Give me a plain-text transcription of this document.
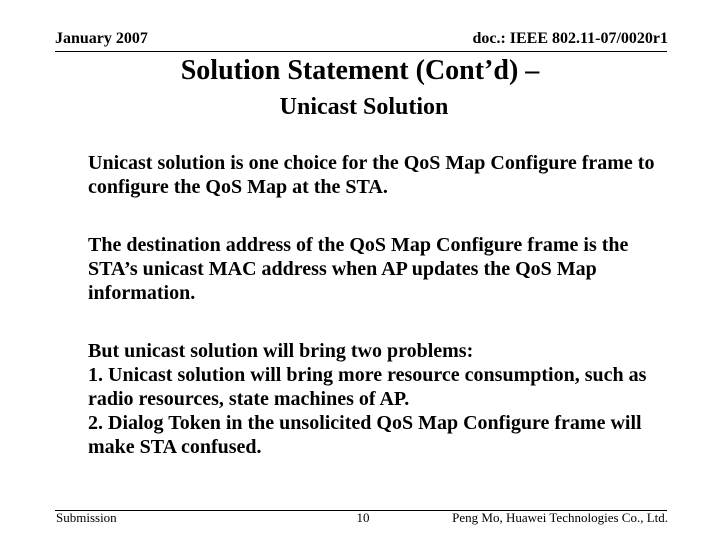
January 2007	doc.: IEEE 802.11-07/0020r1
Solution Statement (Cont’d) –
Unicast Solution
Unicast solution is one choice for the QoS Map Configure frame to configure the QoS Map at the STA.
The destination address of the QoS Map Configure frame is the STA’s unicast MAC address when AP updates the QoS Map information.
But unicast solution will bring two problems:
1. Unicast solution will bring more resource consumption, such as radio resources, state machines of AP.
2. Dialog Token in the unsolicited QoS Map Configure frame will make STA confused.
Submission	10	Peng Mo, Huawei Technologies Co., Ltd.
